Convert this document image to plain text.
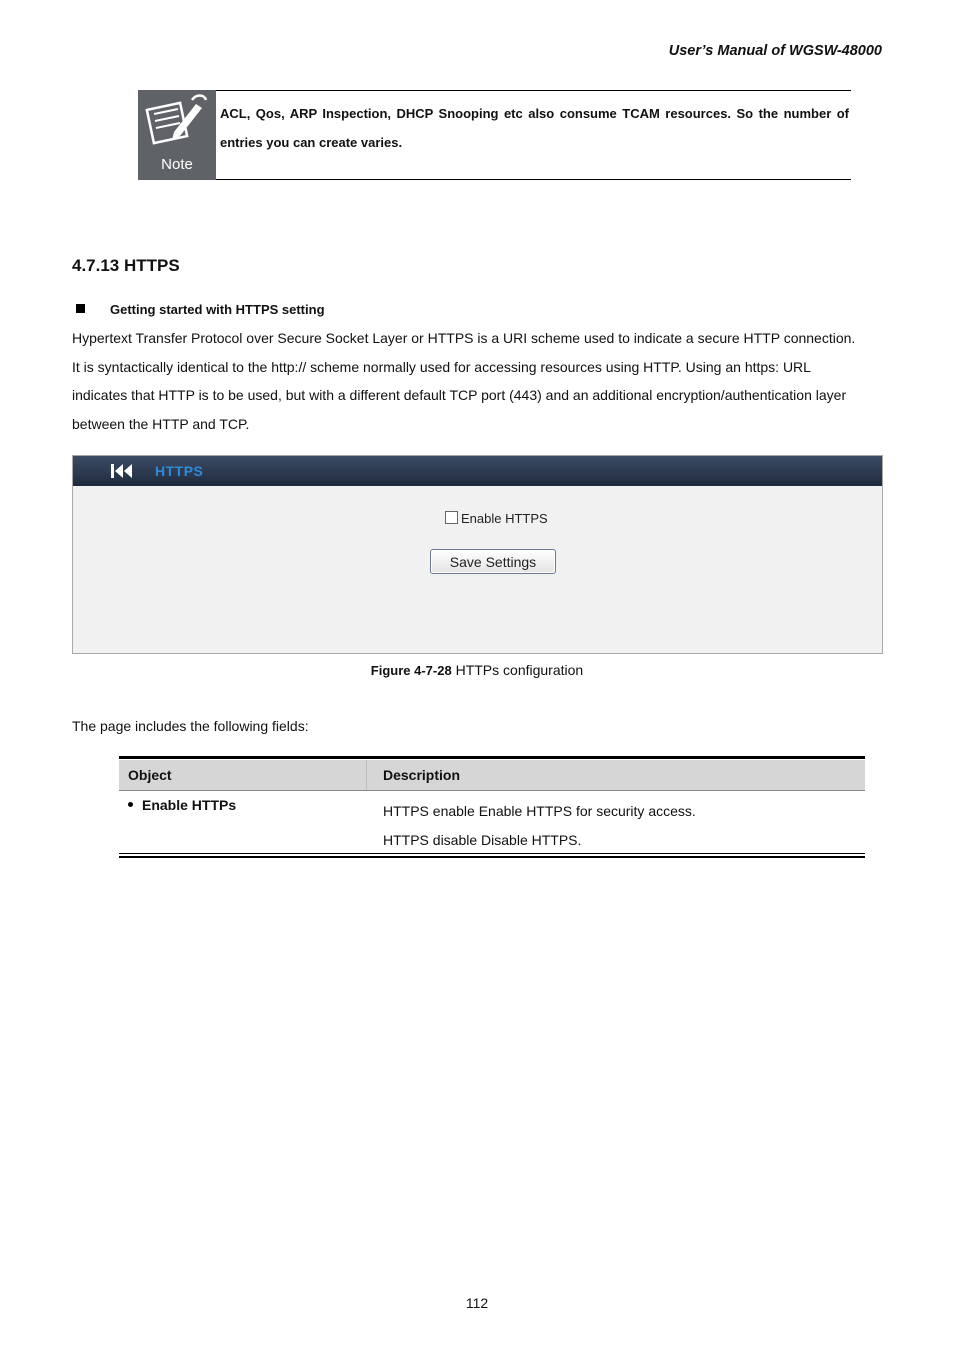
User’s Manual of WGSW-48000
Note
ACL, Qos, ARP Inspection, DHCP Snooping etc also consume TCAM resources. So the number of entries you can create varies.
4.7.13 HTTPS
Getting started with HTTPS setting
Hypertext Transfer Protocol over Secure Socket Layer or HTTPS is a URI scheme used to indicate a secure HTTP connection.
It is syntactically identical to the http:// scheme normally used for accessing resources using HTTP. Using an https: URL
indicates that HTTP is to be used, but with a different default TCP port (443) and an additional encryption/authentication layer
between the HTTP and TCP.
HTTPS
Enable HTTPS
Save Settings
Figure 4-7-28 HTTPs configuration
The page includes the following fields:
Object	Description
Enable HTTPs	HTTPS enable Enable HTTPS for security access.
HTTPS disable Disable HTTPS.
112
